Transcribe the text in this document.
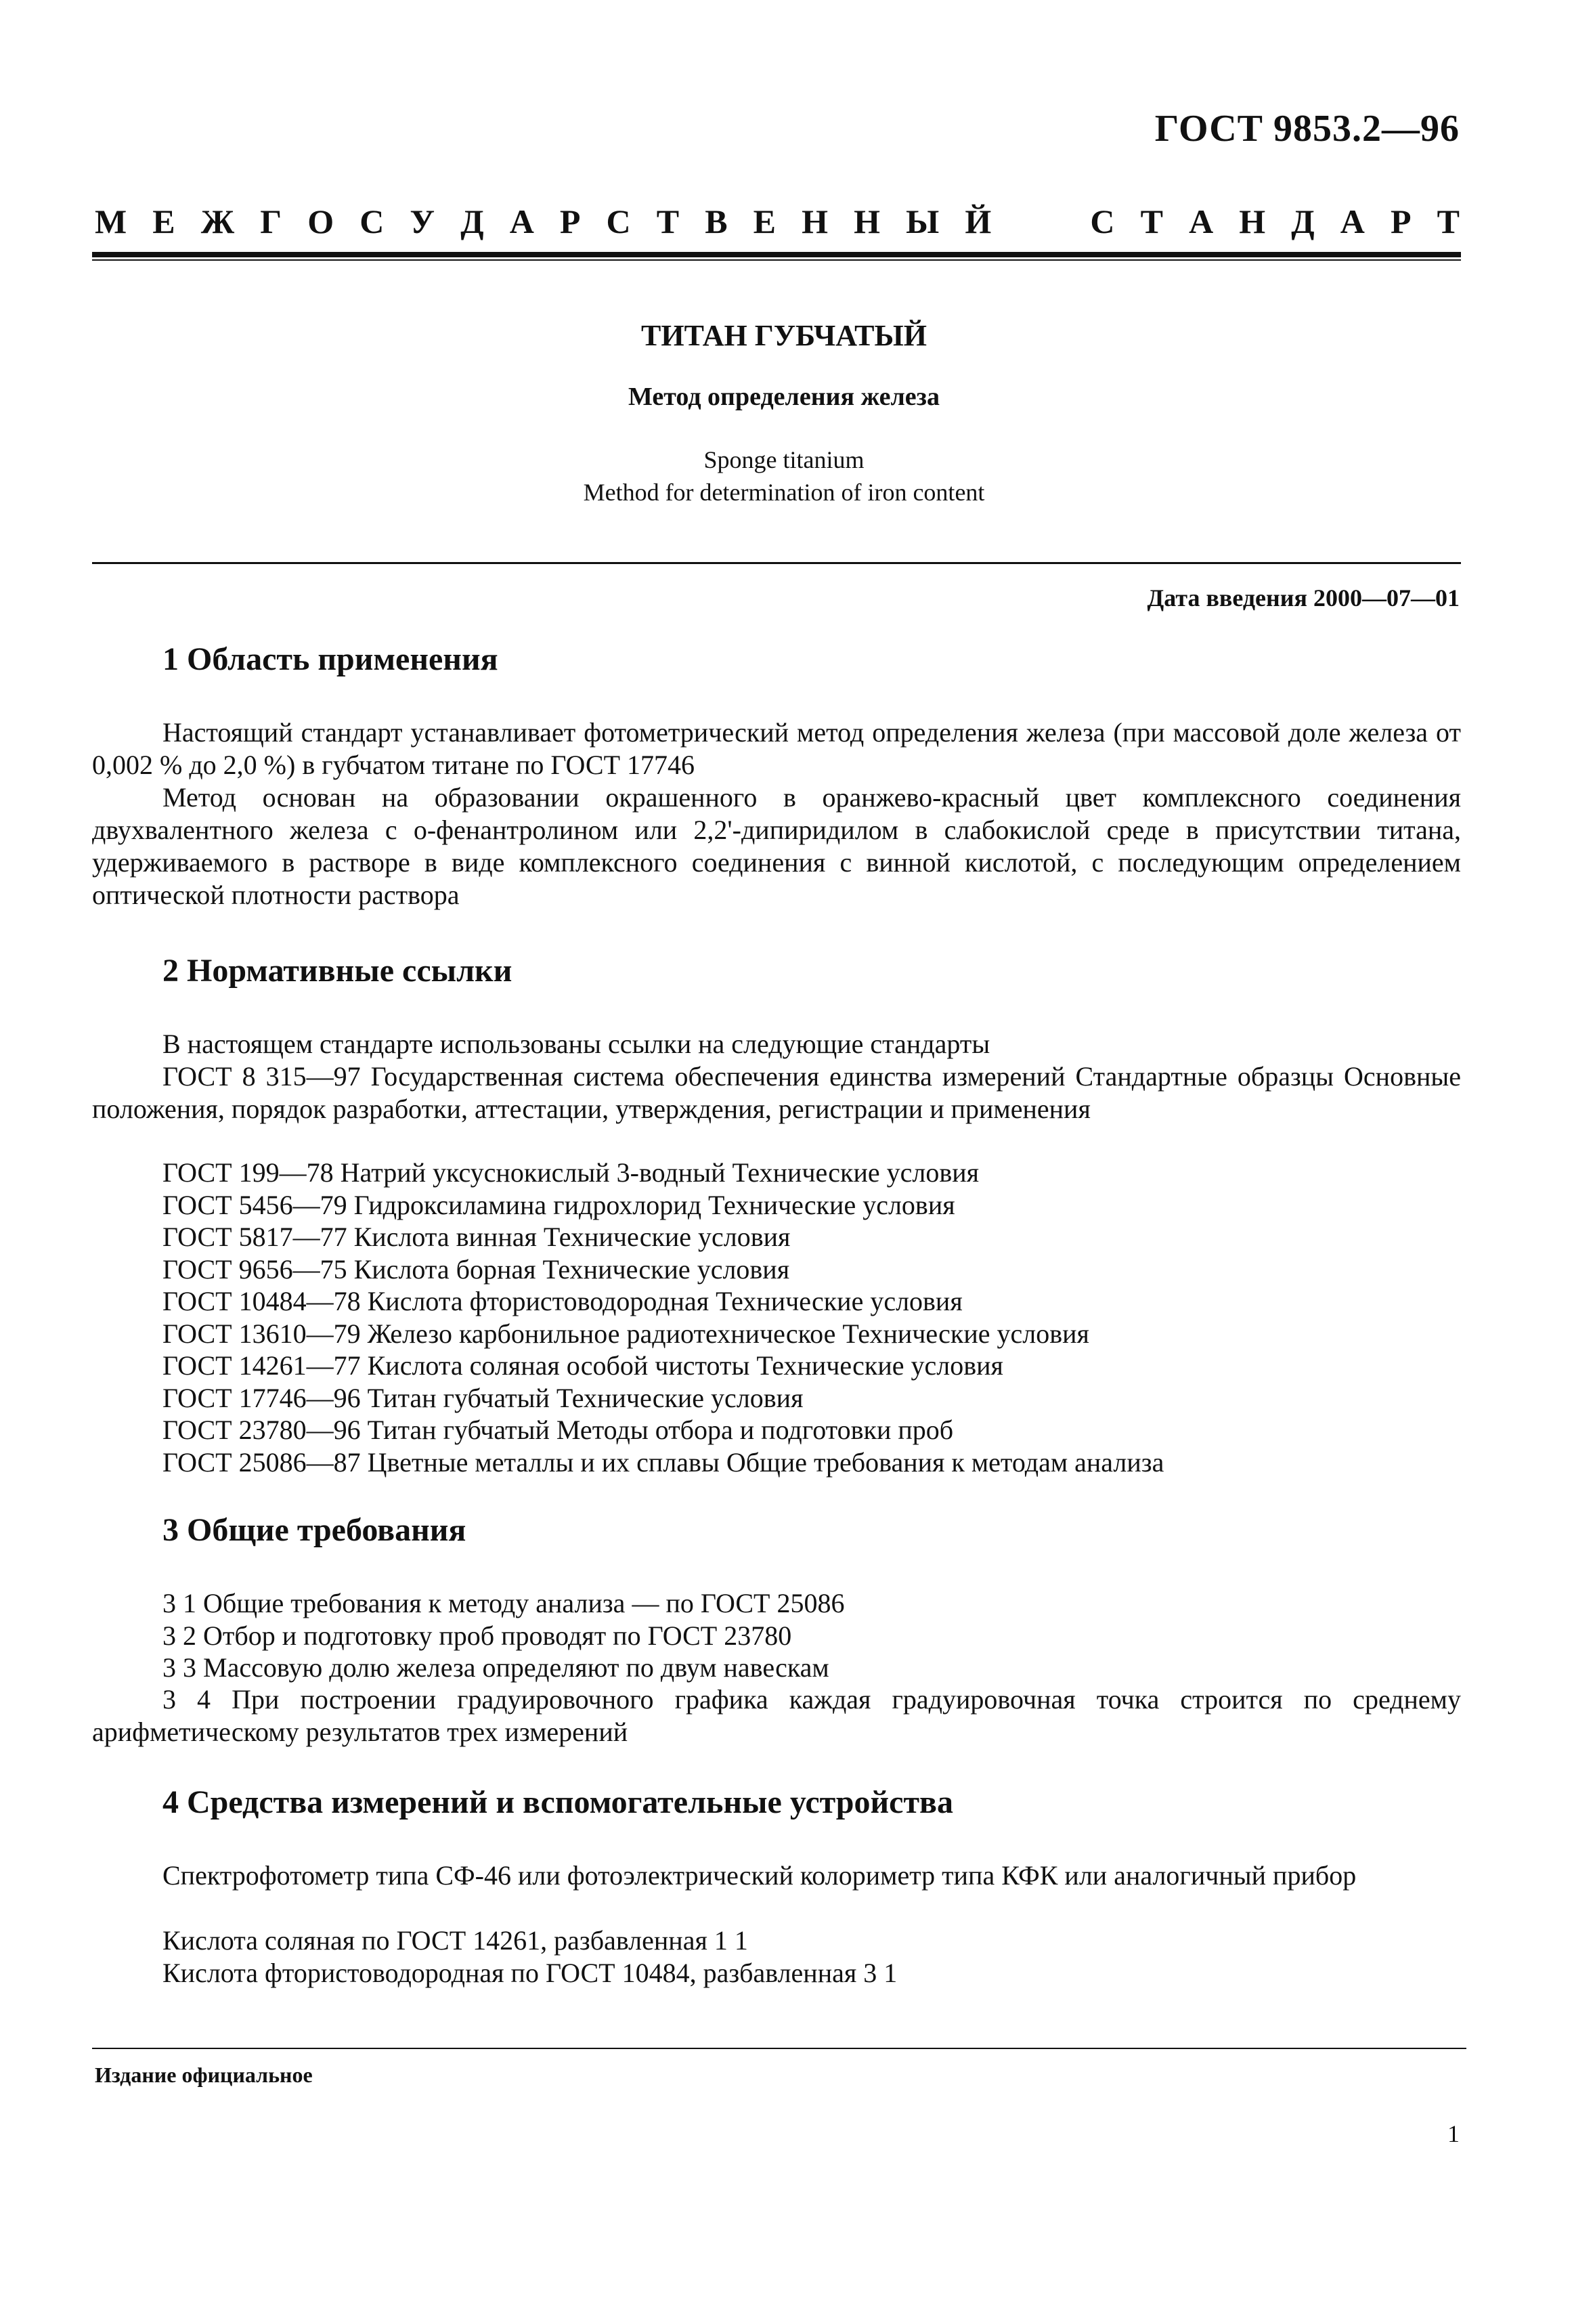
ГОСТ 9853.2—96
М Е Ж Г О С У Д А Р С Т В Е Н Н Ы Й	С Т А Н Д А Р Т
ТИТАН ГУБЧАТЫЙ
Метод определения железа
Sponge titanium
Method for determination of iron content
Дата введения 2000—07—01
1 Область применения

Настоящий стандарт устанавливает фотометрический метод определения железа (при массовой доле железа от 0,002 % до 2,0 %) в губчатом титане по ГОСТ 17746

Метод основан на образовании окрашенного в оранжево-красный цвет комплексного соединения двухвалентного железа с о-фенантролином или 2,2'-дипиридилом в слабокислой среде в присутствии титана, удерживаемого в растворе в виде комплексного соединения с винной кислотой, с последующим определением оптической плотности раствора

2 Нормативные ссылки

В настоящем стандарте использованы ссылки на следующие стандарты

ГОСТ 8 315—97 Государственная система обеспечения единства измерений Стандартные образцы Основные положения, порядок разработки, аттестации, утверждения, регистрации и применения

ГОСТ 199—78 Натрий уксуснокислый 3-водный Технические условия
ГОСТ 5456—79 Гидроксиламина гидрохлорид Технические условия
ГОСТ 5817—77 Кислота винная Технические условия
ГОСТ 9656—75 Кислота борная Технические условия
ГОСТ 10484—78 Кислота фтористоводородная Технические условия
ГОСТ 13610—79 Железо карбонильное радиотехническое Технические условия
ГОСТ 14261—77 Кислота соляная особой чистоты Технические условия
ГОСТ 17746—96 Титан губчатый Технические условия
ГОСТ 23780—96 Титан губчатый Методы отбора и подготовки проб
ГОСТ 25086—87 Цветные металлы и их сплавы Общие требования к методам анализа
3 Общие требования
3 1 Общие требования к методу анализа — по ГОСТ 25086
3 2 Отбор и подготовку проб проводят по ГОСТ 23780
3 3 Массовую долю железа определяют по двум навескам

3 4 При построении градуировочного графика каждая градуировочная точка строится по среднему арифметическому результатов трех измерений

4 Средства измерений и вспомогательные устройства

Спектрофотометр типа СФ-46 или фотоэлектрический колориметр типа КФК или аналогичный прибор

Кислота соляная по ГОСТ 14261, разбавленная 1 1
Кислота фтористоводородная по ГОСТ 10484, разбавленная 3 1
Издание официальное
1
